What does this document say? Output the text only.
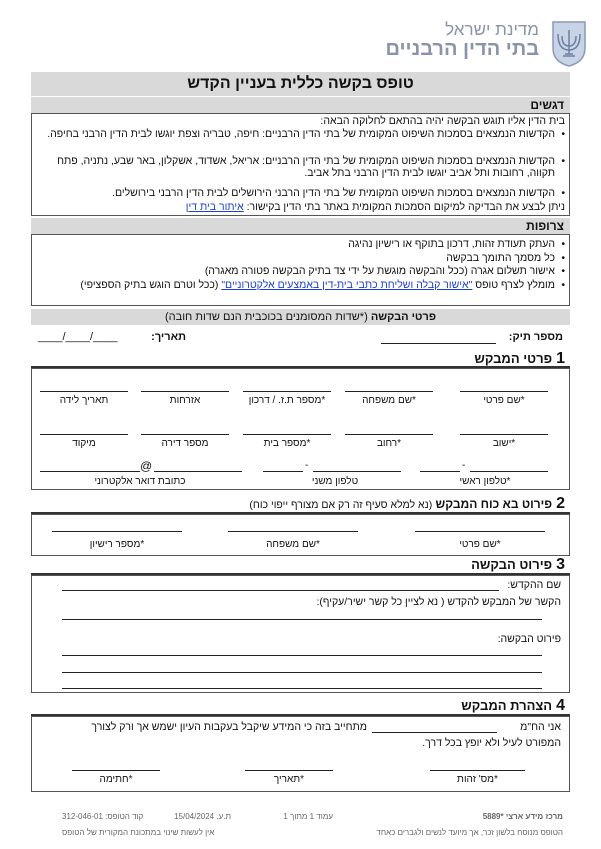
מדינת ישראל
בתי הדין הרבניים
טופס בקשה כללית בעניין הקדש
דגשים
בית הדין אליו תוגש הבקשה יהיה בהתאם לחלוקה הבאה:
• הקדשות הנמצאים בסמכות השיפוט המקומית של בתי הדין הרבניים: חיפה, טבריה וצפת יוגשו לבית הדין הרבני בחיפה.
• הקדשות הנמצאים בסמכות השיפוט המקומית של בתי הדין הרבניים: אריאל, אשדוד, אשקלון, באר שבע, נתניה, פתח תקווה, רחובות ותל אביב יוגשו לבית הדין הרבני בתל אביב.
• הקדשות הנמצאים בסמכות השיפוט המקומית של בתי הדין הרבני הירושלים לבית הדין הרבני בירושלים.
ניתן לבצע את הבדיקה למיקום הסמכות המקומית באתר בתי הדין בקישור: איתור בית דין
צרופות
• העתק תעודת זהות, דרכון בתוקף או רישיון נהיגה
• כל מסמך התומך בבקשה
• אישור תשלום אגרה (ככל והבקשה מוגשת על ידי צד בתיק הבקשה פטורה מאגרה)
• מומלץ לצרף טופס "אישור קבלה ושליחת כתבי בית-דין באמצעים אלקטרוניים" (ככל וטרם הוגש בתיק הספציפי)
פרטי הבקשה (*שדות המסומנים בכוכבית הנם שדות חובה)
מספר תיק:
תאריך:
____/____/____
1פרטי המבקש
*שם פרטי
*שם משפחה
*מספר ת.ז. / דרכון
אזרחות
תאריך לידה
*ישוב
*רחוב
*מספר בית
מספר דירה
מיקוד
-
-
@
*טלפון ראשי
טלפון משני
כתובת דואר אלקטרוני
2פירוט בא כוח המבקש (נא למלא סעיף זה רק אם מצורף ייפוי כוח)
*שם פרטי
*שם משפחה
*מספר רישיון
3פירוט הבקשה
שם ההקדש:
הקשר של המבקש להקדש ( נא לציין כל קשר ישיר/עקיף):
פירוט הבקשה:
4הצהרת המבקש
אני הח"מ
מתחייב בזה כי המידע שיקבל בעקבות העיון ישמש אך ורק לצורך
המפורט לעיל ולא יופץ בכל דרך.
*מס' זהות
*תאריך
*חתימה
מרכז מידע ארצי *5889
עמוד 1 מתוך 1
ת.ע. 15/04/2024
קוד הטופס: 312-046-01
הטופס מנוסח בלשון זכר, אך מיועד לנשים ולגברים כאחד
אין לעשות שינוי במתכונת המקורית של הטופס
